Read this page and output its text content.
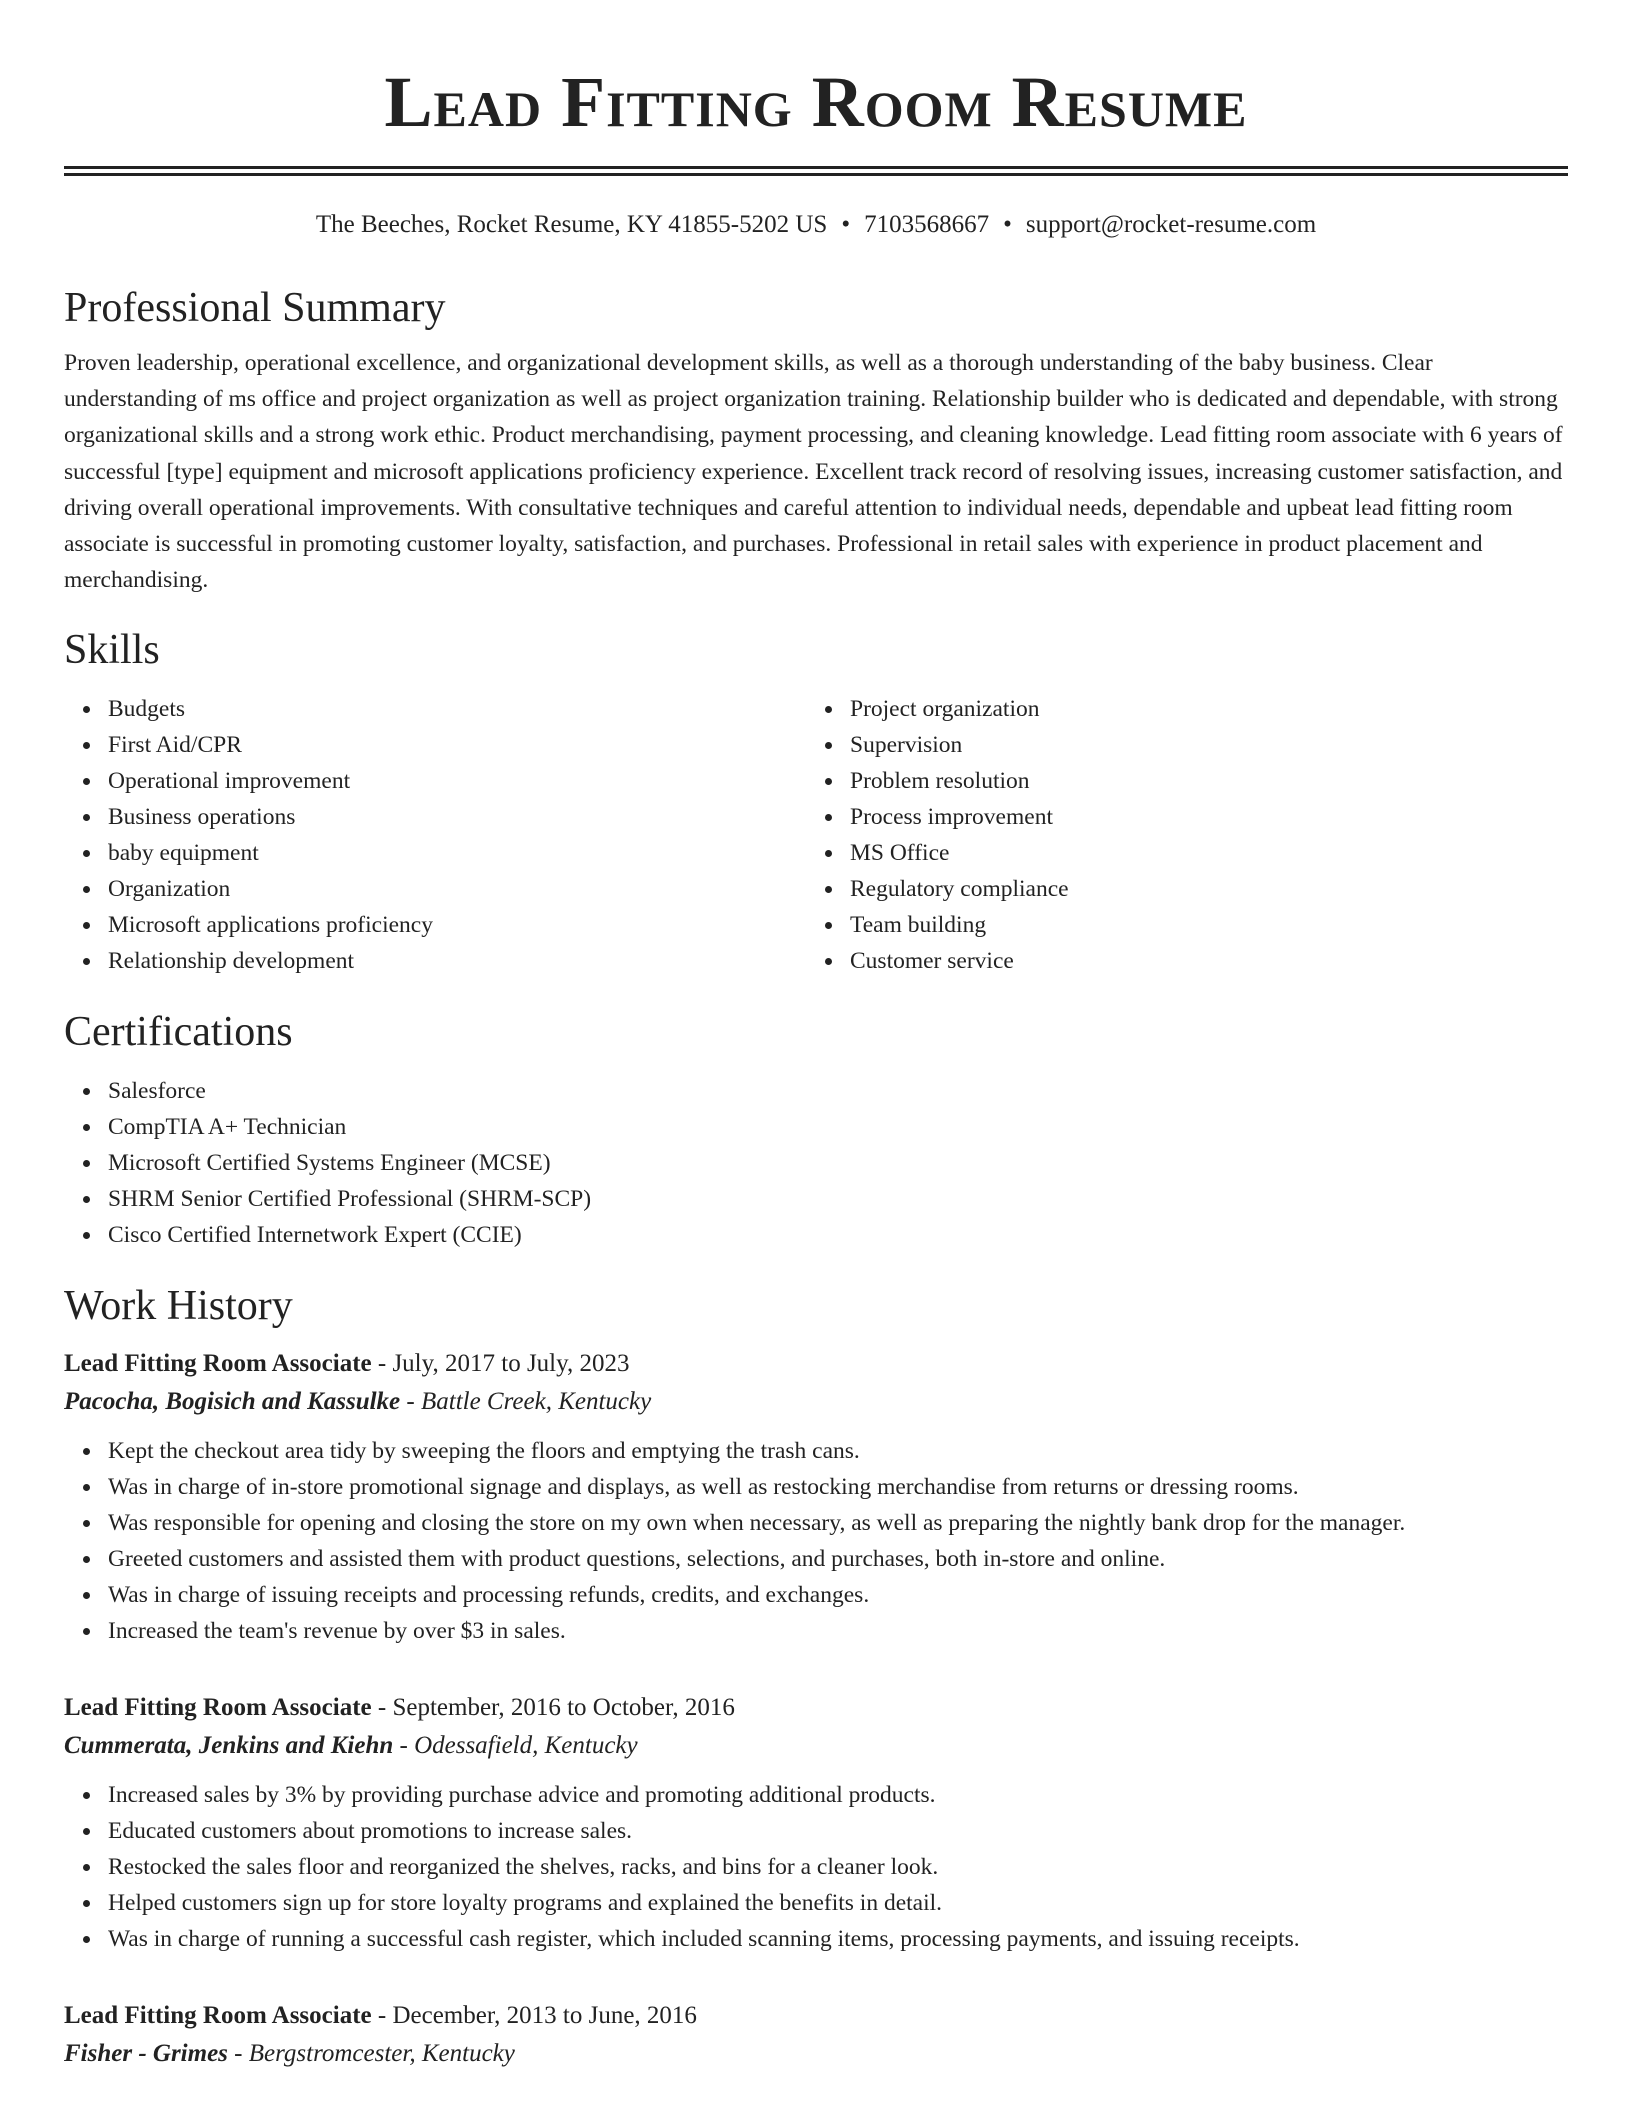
Lead Fitting Room Resume
The Beeches, Rocket Resume, KY 41855-5202 US • 7103568667 • support@rocket-resume.com
Professional Summary

Proven leadership, operational excellence, and organizational development skills, as well as a thorough understanding of the baby business. Clear understanding of ms office and project organization as well as project organization training. Relationship builder who is dedicated and dependable, with strong organizational skills and a strong work ethic. Product merchandising, payment processing, and cleaning knowledge. Lead fitting room associate with 6 years of successful [type] equipment and microsoft applications proficiency experience. Excellent track record of resolving issues, increasing customer satisfaction, and driving overall operational improvements. With consultative techniques and careful attention to individual needs, dependable and upbeat lead fitting room associate is successful in promoting customer loyalty, satisfaction, and purchases. Professional in retail sales with experience in product placement and merchandising.

Skills
Budgets
First Aid/CPR
Operational improvement
Business operations
baby equipment
Organization
Microsoft applications proficiency
Relationship development
Project organization
Supervision
Problem resolution
Process improvement
MS Office
Regulatory compliance
Team building
Customer service
Certifications
Salesforce
CompTIA A+ Technician
Microsoft Certified Systems Engineer (MCSE)
SHRM Senior Certified Professional (SHRM-SCP)
Cisco Certified Internetwork Expert (CCIE)
Work History
Lead Fitting Room Associate - July, 2017 to July, 2023
Pacocha, Bogisich and Kassulke - Battle Creek, Kentucky
Kept the checkout area tidy by sweeping the floors and emptying the trash cans.
Was in charge of in-store promotional signage and displays, as well as restocking merchandise from returns or dressing rooms.
Was responsible for opening and closing the store on my own when necessary, as well as preparing the nightly bank drop for the manager.
Greeted customers and assisted them with product questions, selections, and purchases, both in-store and online.
Was in charge of issuing receipts and processing refunds, credits, and exchanges.
Increased the team's revenue by over $3 in sales.
Lead Fitting Room Associate - September, 2016 to October, 2016
Cummerata, Jenkins and Kiehn - Odessafield, Kentucky
Increased sales by 3% by providing purchase advice and promoting additional products.
Educated customers about promotions to increase sales.
Restocked the sales floor and reorganized the shelves, racks, and bins for a cleaner look.
Helped customers sign up for store loyalty programs and explained the benefits in detail.
Was in charge of running a successful cash register, which included scanning items, processing payments, and issuing receipts.
Lead Fitting Room Associate - December, 2013 to June, 2016
Fisher - Grimes - Bergstromcester, Kentucky
